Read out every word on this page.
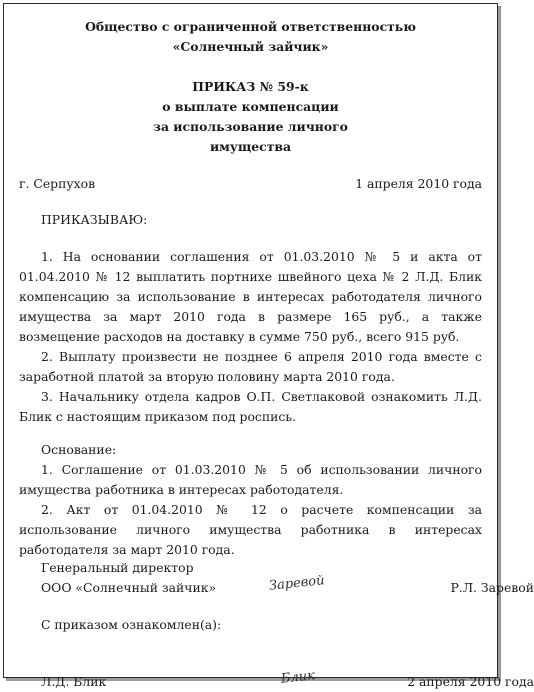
Общество с ограниченной ответственностью
«Солнечный зайчик»
ПРИКАЗ № 59-к
о выплате компенсации
за использование личного
имущества
г. Серпухов	1 апреля 2010 года
ПРИКАЗЫВАЮ:
1. На основании соглашения от 01.03.2010 № 5 и акта от 01.04.2010 № 12 выплатить портнихе швейного цеха № 2 Л.Д. Блик компенсацию за использование в интересах работодателя личного имущества за март 2010 года в размере 165 руб., а также возмещение расходов на доставку в сумме 750 руб., всего 915 руб.
2. Выплату произвести не позднее 6 апреля 2010 года вместе с заработной платой за вторую половину марта 2010 года.
3. Начальнику отдела кадров О.П. Светлаковой ознакомить Л.Д. Блик с настоящим приказом под роспись.
Основание:
1. Соглашение от 01.03.2010 № 5 об использовании личного имущества работника в интересах работодателя.
2. Акт от 01.04.2010 № 12 о расчете компенсации за использование личного имущества работника в интересах работодателя за март 2010 года.
Генеральный директор
ООО «Солнечный зайчик»	Заревой	Р.Л. Заревой
С приказом ознакомлен(а):
Л.Д. Блик	Блик	2 апреля 2010 года
